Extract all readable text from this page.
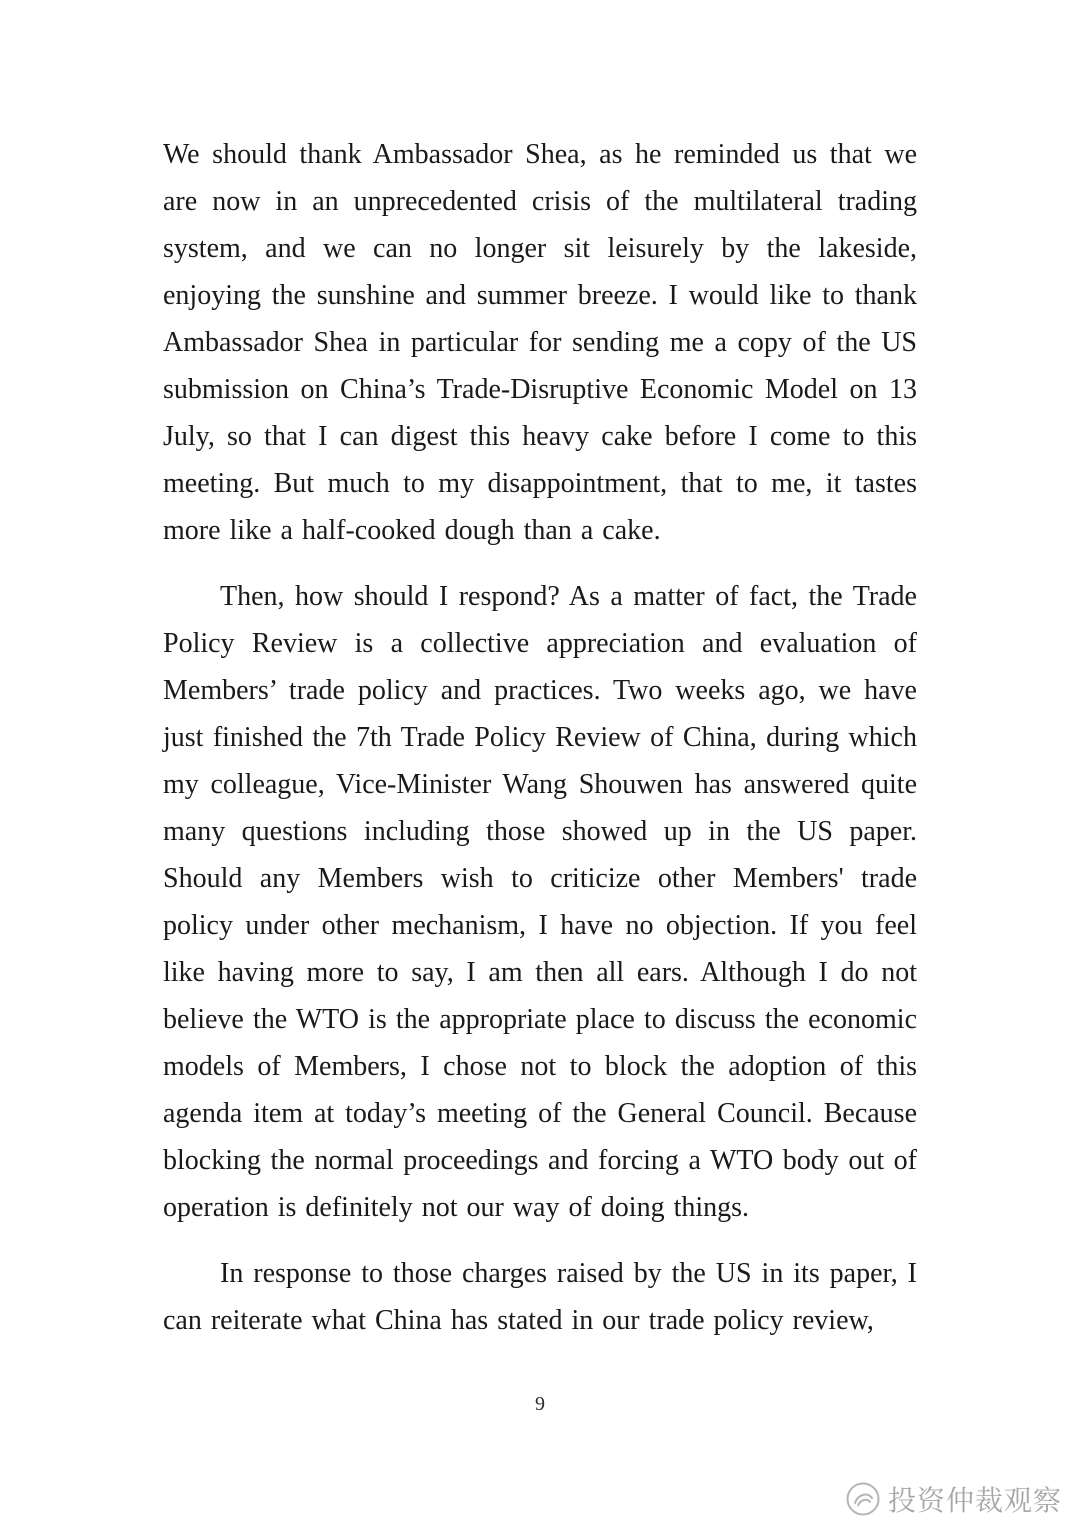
We should thank Ambassador Shea, as he reminded us that we are now in an unprecedented crisis of the multilateral trading system, and we can no longer sit leisurely by the lakeside, enjoying the sunshine and summer breeze. I would like to thank Ambassador Shea in particular for sending me a copy of the US submission on China’s Trade-Disruptive Economic Model on 13 July, so that I can digest this heavy cake before I come to this meeting. But much to my disappointment, that to me, it tastes more like a half-cooked dough than a cake.

Then, how should I respond? As a matter of fact, the Trade Policy Review is a collective appreciation and evaluation of Members’ trade policy and practices. Two weeks ago, we have just finished the 7th Trade Policy Review of China, during which my colleague, Vice-Minister Wang Shouwen has answered quite many questions including those showed up in the US paper. Should any Members wish to criticize other Members' trade policy under other mechanism, I have no objection. If you feel like having more to say, I am then all ears. Although I do not believe the WTO is the appropriate place to discuss the economic models of Members, I chose not to block the adoption of this agenda item at today’s meeting of the General Council. Because blocking the normal proceedings and forcing a WTO body out of operation is definitely not our way of doing things.

In response to those charges raised by the US in its paper, I can reiterate what China has stated in our trade policy review,

9
投资仲裁观察
